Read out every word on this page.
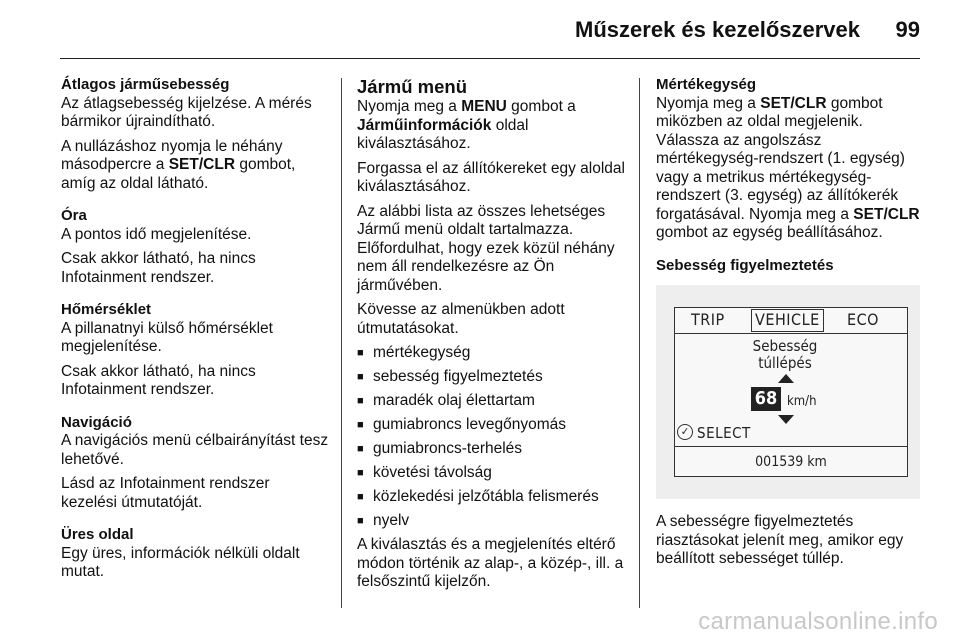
Műszerek és kezelőszervek 99
Átlagos járműsebesség
Az átlagsebesség kijelzése. A mérés bármikor újraindítható.
A nullázáshoz nyomja le néhány másodpercre a SET/CLR gombot, amíg az oldal látható.
Óra
A pontos idő megjelenítése.
Csak akkor látható, ha nincs Infotainment rendszer.
Hőmérséklet
A pillanatnyi külső hőmérséklet megjelenítése.
Csak akkor látható, ha nincs Infotainment rendszer.
Navigáció
A navigációs menü célbairányítást tesz lehetővé.
Lásd az Infotainment rendszer kezelési útmutatóját.
Üres oldal
Egy üres, információk nélküli oldalt mutat.
Jármű menü
Nyomja meg a MENU gombot a Járműinformációk oldal kiválasztásához.
Forgassa el az állítókereket egy aloldal kiválasztásához.
Az alábbi lista az összes lehetséges Jármű menü oldalt tartalmazza. Előfordulhat, hogy ezek közül néhány nem áll rendelkezésre az Ön járművében.
Kövesse az almenükben adott útmutatásokat.
■ mértékegység
■ sebesség figyelmeztetés
■ maradék olaj élettartam
■ gumiabroncs levegőnyomás
■ gumiabroncs-terhelés
■ követési távolság
■ közlekedési jelzőtábla felismerés
■ nyelv
A kiválasztás és a megjelenítés eltérő módon történik az alap-, a közép-, ill. a felsőszintű kijelzőn.
Mértékegység
Nyomja meg a SET/CLR gombot miközben az oldal megjelenik. Válassza az angolszász mértékegység-rendszert (1. egység) vagy a metrikus mértékegység-rendszert (3. egység) az állítókerék forgatásával. Nyomja meg a SET/CLR gombot az egység beállításához.
Sebesség figyelmeztetés
TRIP VEHICLE ECO
Sebesség
túllépés
68 km/h
✓ SELECT
001539 km
A sebességre figyelmeztetés riasztásokat jelenít meg, amikor egy beállított sebességet túllép.
carmanualsonline.info
